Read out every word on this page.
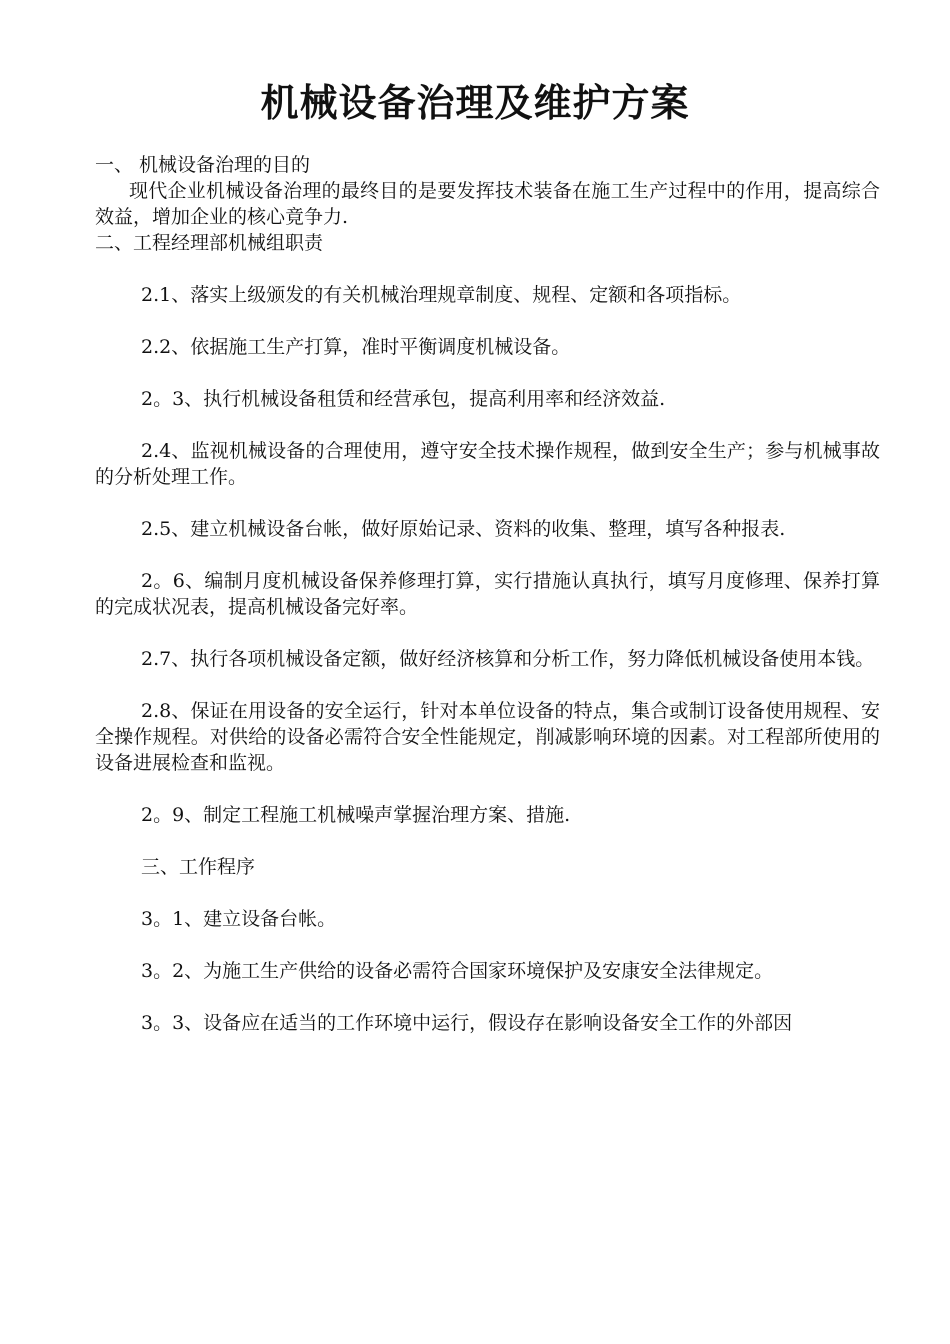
机械设备治理及维护方案

一、 机械设备治理的目的

现代企业机械设备治理的最终目的是要发挥技术装备在施工生产过程中的作用，提高综合效益，增加企业的核心竟争力.

二、工程经理部机械组职责

2.1、落实上级颁发的有关机械治理规章制度、规程、定额和各项指标。

2.2、依据施工生产打算，准时平衡调度机械设备。

2。3、执行机械设备租赁和经营承包，提高利用率和经济效益.

2.4、监视机械设备的合理使用，遵守安全技术操作规程，做到安全生产；参与机械事故的分析处理工作。

2.5、建立机械设备台帐，做好原始记录、资料的收集、整理，填写各种报表.

2。6、编制月度机械设备保养修理打算，实行措施认真执行，填写月度修理、保养打算的完成状况表，提高机械设备完好率。

2.7、执行各项机械设备定额，做好经济核算和分析工作，努力降低机械设备使用本钱。

2.8、保证在用设备的安全运行，针对本单位设备的特点，集合或制订设备使用规程、安全操作规程。对供给的设备必需符合安全性能规定，削减影响环境的因素。对工程部所使用的设备进展检查和监视。

2。9、制定工程施工机械噪声掌握治理方案、措施.

三、工作程序

3。1、建立设备台帐。

3。2、为施工生产供给的设备必需符合国家环境保护及安康安全法律规定。

3。3、设备应在适当的工作环境中运行，假设存在影响设备安全工作的外部因
